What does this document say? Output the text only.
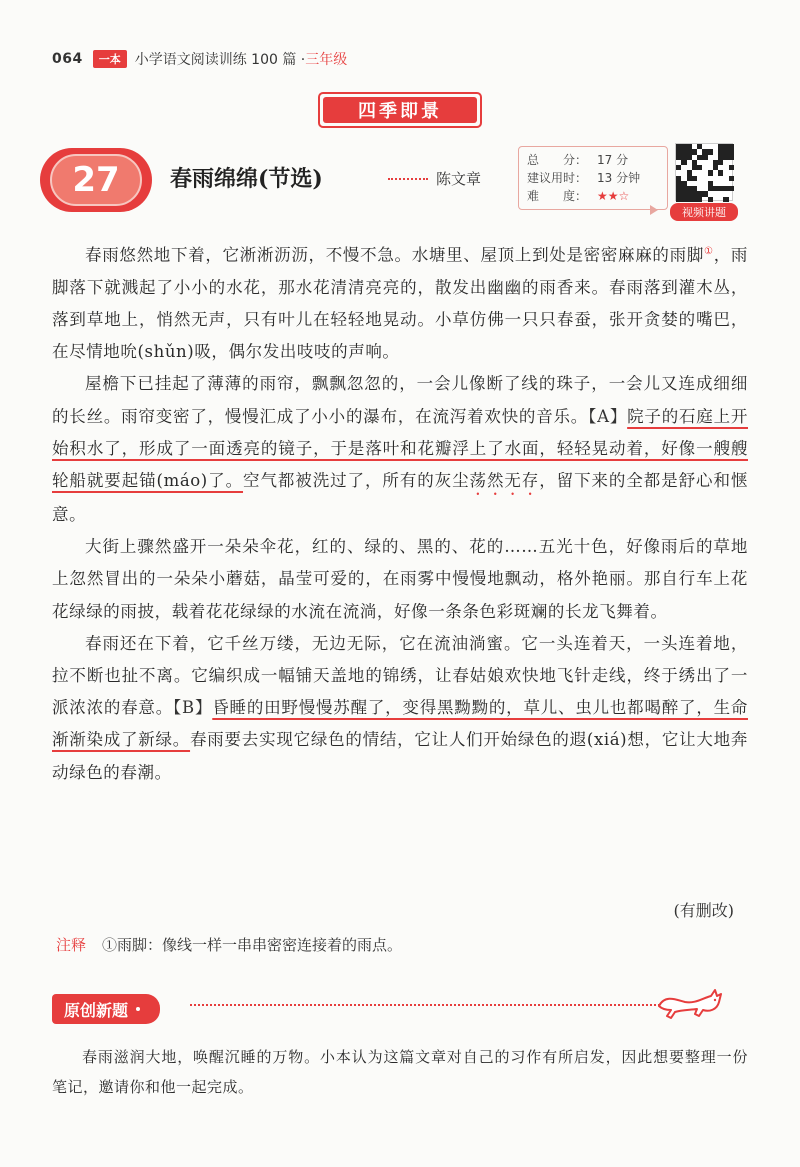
064	一本	小学语文阅读训练 100 篇 · 三年级
四季即景
27	春雨绵绵(节选)	陈文章
总　　分： 17 分
建议用时： 13 分钟
难　　度： ★★☆
视频讲题

春雨悠然地下着，它淅淅沥沥，不慢不急。水塘里、屋顶上到处是密密麻麻的雨脚①，雨脚落下就溅起了小小的水花，那水花清清亮亮的，散发出幽幽的雨香来。春雨落到灌木丛，落到草地上，悄然无声，只有叶儿在轻轻地晃动。小草仿佛一只只春蚕，张开贪婪的嘴巴，在尽情地吮(shǔn)吸，偶尔发出吱吱的声响。

屋檐下已挂起了薄薄的雨帘，飘飘忽忽的，一会儿像断了线的珠子，一会儿又连成细细的长丝。雨帘变密了，慢慢汇成了小小的瀑布，在流泻着欢快的音乐。【A】院子的石庭上开始积水了，形成了一面透亮的镜子，于是落叶和花瓣浮上了水面，轻轻晃动着，好像一艘艘轮船就要起锚(máo)了。空气都被洗过了，所有的灰尘荡然无存，留下来的全都是舒心和惬意。

大街上骤然盛开一朵朵伞花，红的、绿的、黑的、花的……五光十色，好像雨后的草地上忽然冒出的一朵朵小蘑菇，晶莹可爱的，在雨雾中慢慢地飘动，格外艳丽。那自行车上花花绿绿的雨披，载着花花绿绿的水流在流淌，好像一条条色彩斑斓的长龙飞舞着。

春雨还在下着，它千丝万缕，无边无际，它在流油淌蜜。它一头连着天，一头连着地，拉不断也扯不离。它编织成一幅铺天盖地的锦绣，让春姑娘欢快地飞针走线，终于绣出了一派浓浓的春意。【B】昏睡的田野慢慢苏醒了，变得黑黝黝的，草儿、虫儿也都喝醉了，生命渐渐染成了新绿。春雨要去实现它绿色的情结，它让人们开始绿色的遐(xiá)想，它让大地奔动绿色的春潮。

(有删改)
注释 ①雨脚：像线一样一串串密密连接着的雨点。
原创新题
春雨滋润大地，唤醒沉睡的万物。小本认为这篇文章对自己的习作有所启发，因此想要整理一份笔记，邀请你和他一起完成。
